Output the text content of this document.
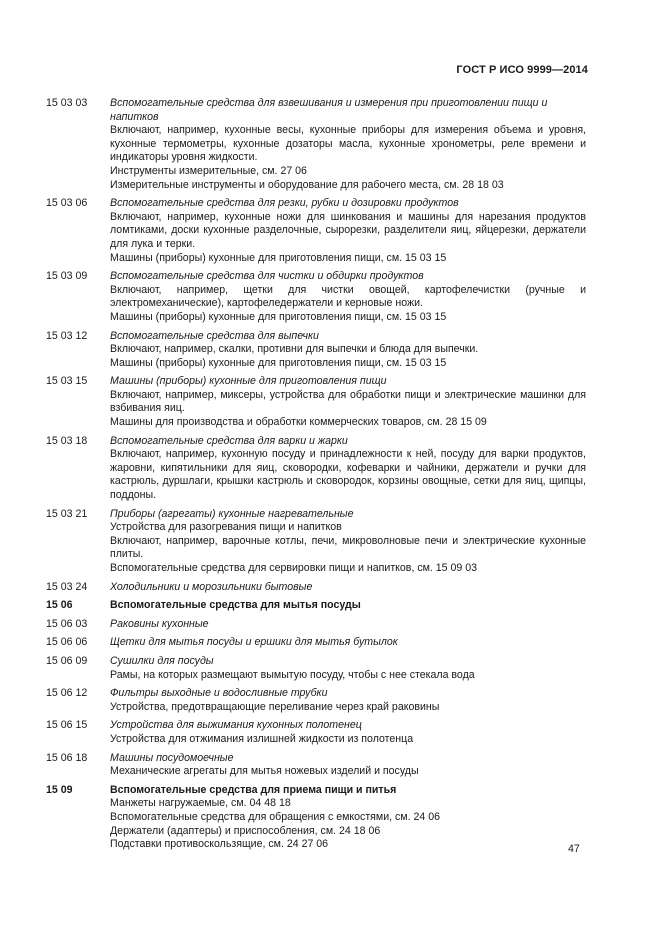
ГОСТ Р ИСО 9999—2014
15 03 03	Вспомогательные средства для взвешивания и измерения при приготовлении пищи и напитков
Включают, например, кухонные весы, кухонные приборы для измерения объема и уровня, кухонные термометры, кухонные дозаторы масла, кухонные хронометры, реле времени и индикаторы уровня жидкости.
Инструменты измерительные, см. 27 06
Измерительные инструменты и оборудование для рабочего места, см. 28 18 03
15 03 06	Вспомогательные средства для резки, рубки и дозировки продуктов
Включают, например, кухонные ножи для шинкования и машины для нарезания продуктов ломтиками, доски кухонные разделочные, сырорезки, разделители яиц, яйцерезки, держатели для лука и терки.
Машины (приборы) кухонные для приготовления пищи, см. 15 03 15
15 03 09	Вспомогательные средства для чистки и обдирки продуктов
Включают, например, щетки для чистки овощей, картофелечистки (ручные и электромеханические), картофеледержатели и керновые ножи.
Машины (приборы) кухонные для приготовления пищи, см. 15 03 15
15 03 12	Вспомогательные средства для выпечки
Включают, например, скалки, противни для выпечки и блюда для выпечки.
Машины (приборы) кухонные для приготовления пищи, см. 15 03 15
15 03 15	Машины (приборы) кухонные для приготовления пищи
Включают, например, миксеры, устройства для обработки пищи и электрические машинки для взбивания яиц.
Машины для производства и обработки коммерческих товаров, см. 28 15 09
15 03 18	Вспомогательные средства для варки и жарки
Включают, например, кухонную посуду и принадлежности к ней, посуду для варки продуктов, жаровни, кипятильники для яиц, сковородки, кофеварки и чайники, держатели и ручки для кастрюль, дуршлаги, крышки кастрюль и сковородок, корзины овощные, сетки для яиц, щипцы, поддоны.
15 03 21	Приборы (агрегаты) кухонные нагревательные
Устройства для разогревания пищи и напитков
Включают, например, варочные котлы, печи, микроволновые печи и электрические кухонные плиты.
Вспомогательные средства для сервировки пищи и напитков, см. 15 09 03
15 03 24	Холодильники и морозильники бытовые
15 06	Вспомогательные средства для мытья посуды
15 06 03	Раковины кухонные
15 06 06	Щетки для мытья посуды и ершики для мытья бутылок
15 06 09	Сушилки для посуды
Рамы, на которых размещают вымытую посуду, чтобы с нее стекала вода
15 06 12	Фильтры выходные и водосливные трубки
Устройства, предотвращающие переливание через край раковины
15 06 15	Устройства для выжимания кухонных полотенец
Устройства для отжимания излишней жидкости из полотенца
15 06 18	Машины посудомоечные
Механические агрегаты для мытья ножевых изделий и посуды
15 09	Вспомогательные средства для приема пищи и питья
Манжеты нагружаемые, см. 04 48 18
Вспомогательные средства для обращения с емкостями, см. 24 06
Держатели (адаптеры) и приспособления, см. 24 18 06
Подставки противоскользящие, см. 24 27 06	47
